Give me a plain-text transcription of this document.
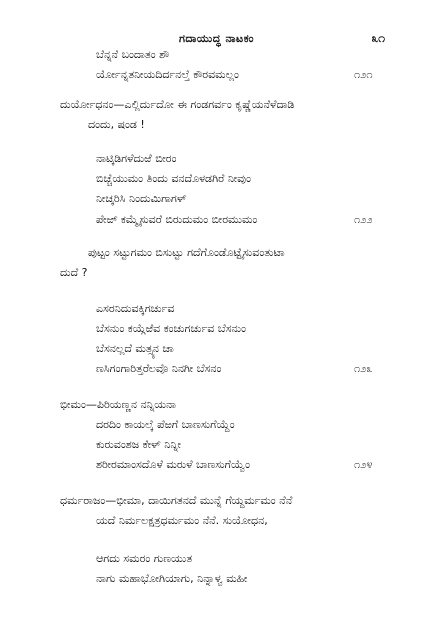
ಗದಾಯುದ್ಧ ನಾಟಕಂ	೩೧
ಬೆನ್ನನೆ ಬಂದಾತಂ ಶೌ
ರ್ಯೋನ್ನತನೀಯದಿರ್ದನಲ್ತೆ ಕೌರವಮಲ್ಲಂ	೧೨೧
ದುರ್ಯೋಧನಂ—ಎಲ್ಲಿರ್ದುದೋ ಈ ಗಂಡಗರ್ವಂ ಕೃಷ್ಣೆಯನೆಳೆದಾಡಿ
ದಂದು, ಷಂಡ !
ನಾಟ್ಕಿಡಿಗಳೆದುಱೆ ಬೀರಂ
ಬಿಚ್ಚೆಯುಮಂ ತಿಂದು ವನದೊಳಡಗಿರೆ ನೀವುಂ
ನೀಚ್ಕರಿಸಿ ನಿಂದುಮಿಗಾಗಳ್
ಪೇಱ್ ಕಮ್ಮೈಸುವರೆ ಬಿರುದುಮಂ ಬೀರಮುಮಂ	೧೨೨
ಪುಟ್ಟಂ ಸಟ್ಟುಗಮಂ ಬಿಸುಟ್ಟು ಗದೆಗೊಂಡೊಟ್ಟೈಸುವಂತುಟಾ
ದುದೆ ?
ಎಸರನಿದುವಕ್ಕಿಗರ್ಚುವ
ಬೆಸನುಂ ಕಯ್ಗೆಱೆವ ಕಂಚುಗರ್ಚುವ ಬೆಸನುಂ
ಬೆಸನಲ್ಲದೆ ಮತ್ಸ್ಯನ ಚಾ
ಣಸಿಗಂಗಾರಿತ್ತರೆಲವೊ ನಿನಗೀ ಬೆಸನಂ	೧೨೩
ಭೀಮಂ—ಪಿರಿಯಣ್ಣನ ನನ್ನಿಯನಾ
ದರದಿಂ ಕಾಯಲ್ಕೆ ಪೆಱಗೆ ಬಾಣಸುಗೆಯ್ದೆಂ
ಕುರುವಂಶಜ ಕೇಳ್ ನಿನ್ನೀ
ಶರೀರಮಾಂಸದೊಳೆ ಮರುಳೆ ಬಾಣಸುಗೆಯ್ವೆಂ	೧೨೪
ಧರ್ಮರಾಜಂ—ಭೀಮಾ, ದಾಯಿಗತನದೆ ಮುನ್ನೆ ಗೆಯ್ದರ್ಮಮಂ ನೆನೆ
ಯದೆ ನಿರ್ಮಲಕ್ಷತ್ರಧರ್ಮಮಂ ನೆನೆ. ಸುಯೋಧನ,
ಆಗದು ಸಮರಂ ಗುಣಯುತ
ನಾಗು ಮಹಾಭೋಗಿಯಾಗು, ನಿನ್ನಾಳ್ವ ಮಹೀ
